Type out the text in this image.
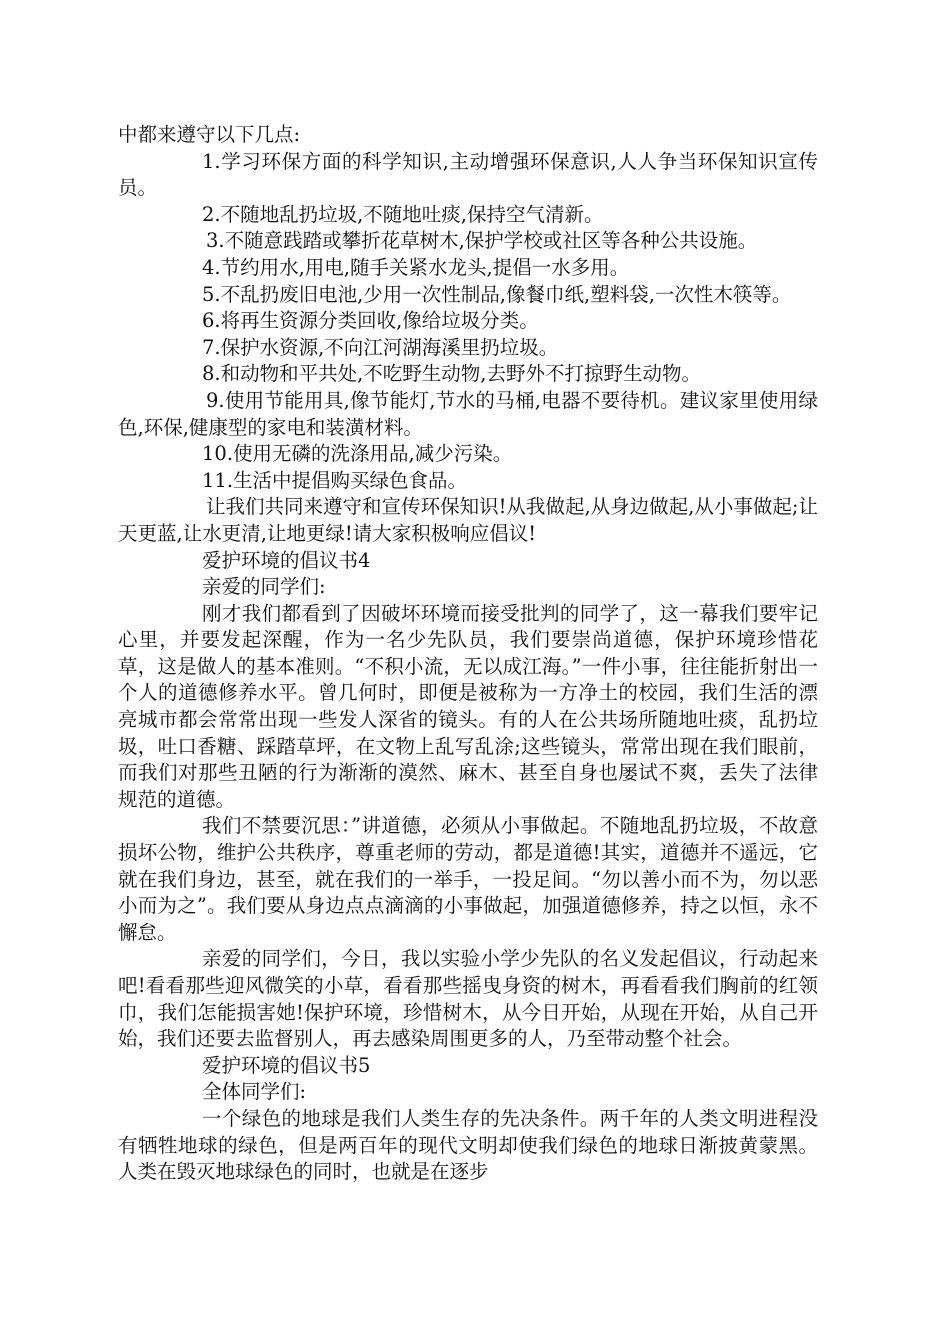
中都来遵守以下几点:

1.学习环保方面的科学知识,主动增强环保意识,人人争当环保知识宣传员。

2.不随地乱扔垃圾,不随地吐痰,保持空气清新。

3.不随意践踏或攀折花草树木,保护学校或社区等各种公共设施。

4.节约用水,用电,随手关紧水龙头,提倡一水多用。

5.不乱扔废旧电池,少用一次性制品,像餐巾纸,塑料袋,一次性木筷等。

6.将再生资源分类回收,像给垃圾分类。

7.保护水资源,不向江河湖海溪里扔垃圾。

8.和动物和平共处,不吃野生动物,去野外不打掠野生动物。

9.使用节能用具,像节能灯,节水的马桶,电器不要待机。建议家里使用绿色,环保,健康型的家电和装潢材料。

10.使用无磷的洗涤用品,减少污染。

11.生活中提倡购买绿色食品。

让我们共同来遵守和宣传环保知识!从我做起,从身边做起,从小事做起;让天更蓝,让水更清,让地更绿!请大家积极响应倡议!

爱护环境的倡议书4

亲爱的同学们:

刚才我们都看到了因破坏环境而接受批判的同学了，这一幕我们要牢记心里，并要发起深醒，作为一名少先队员，我们要崇尚道德，保护环境珍惜花草，这是做人的基本准则。“不积小流，无以成江海。”一件小事，往往能折射出一个人的道德修养水平。曾几何时，即便是被称为一方净土的校园，我们生活的漂亮城市都会常常出现一些发人深省的镜头。有的人在公共场所随地吐痰，乱扔垃圾，吐口香糖、踩踏草坪，在文物上乱写乱涂;这些镜头，常常出现在我们眼前，而我们对那些丑陋的行为渐渐的漠然、麻木、甚至自身也屡试不爽，丢失了法律规范的道德。

我们不禁要沉思：”讲道德，必须从小事做起。不随地乱扔垃圾，不故意损坏公物，维护公共秩序，尊重老师的劳动，都是道德!其实，道德并不遥远，它就在我们身边，甚至，就在我们的一举手，一投足间。“勿以善小而不为，勿以恶小而为之”。我们要从身边点点滴滴的小事做起，加强道德修养，持之以恒，永不懈怠。

亲爱的同学们，今日，我以实验小学少先队的名义发起倡议，行动起来吧!看看那些迎风微笑的小草，看看那些摇曳身资的树木，再看看我们胸前的红领巾，我们怎能损害她!保护环境，珍惜树木，从今日开始，从现在开始，从自己开始，我们还要去监督别人，再去感染周围更多的人，乃至带动整个社会。

爱护环境的倡议书5

全体同学们:

一个绿色的地球是我们人类生存的先决条件。两千年的人类文明进程没有牺牲地球的绿色，但是两百年的现代文明却使我们绿色的地球日渐披黄蒙黑。人类在毁灭地球绿色的同时，也就是在逐步
